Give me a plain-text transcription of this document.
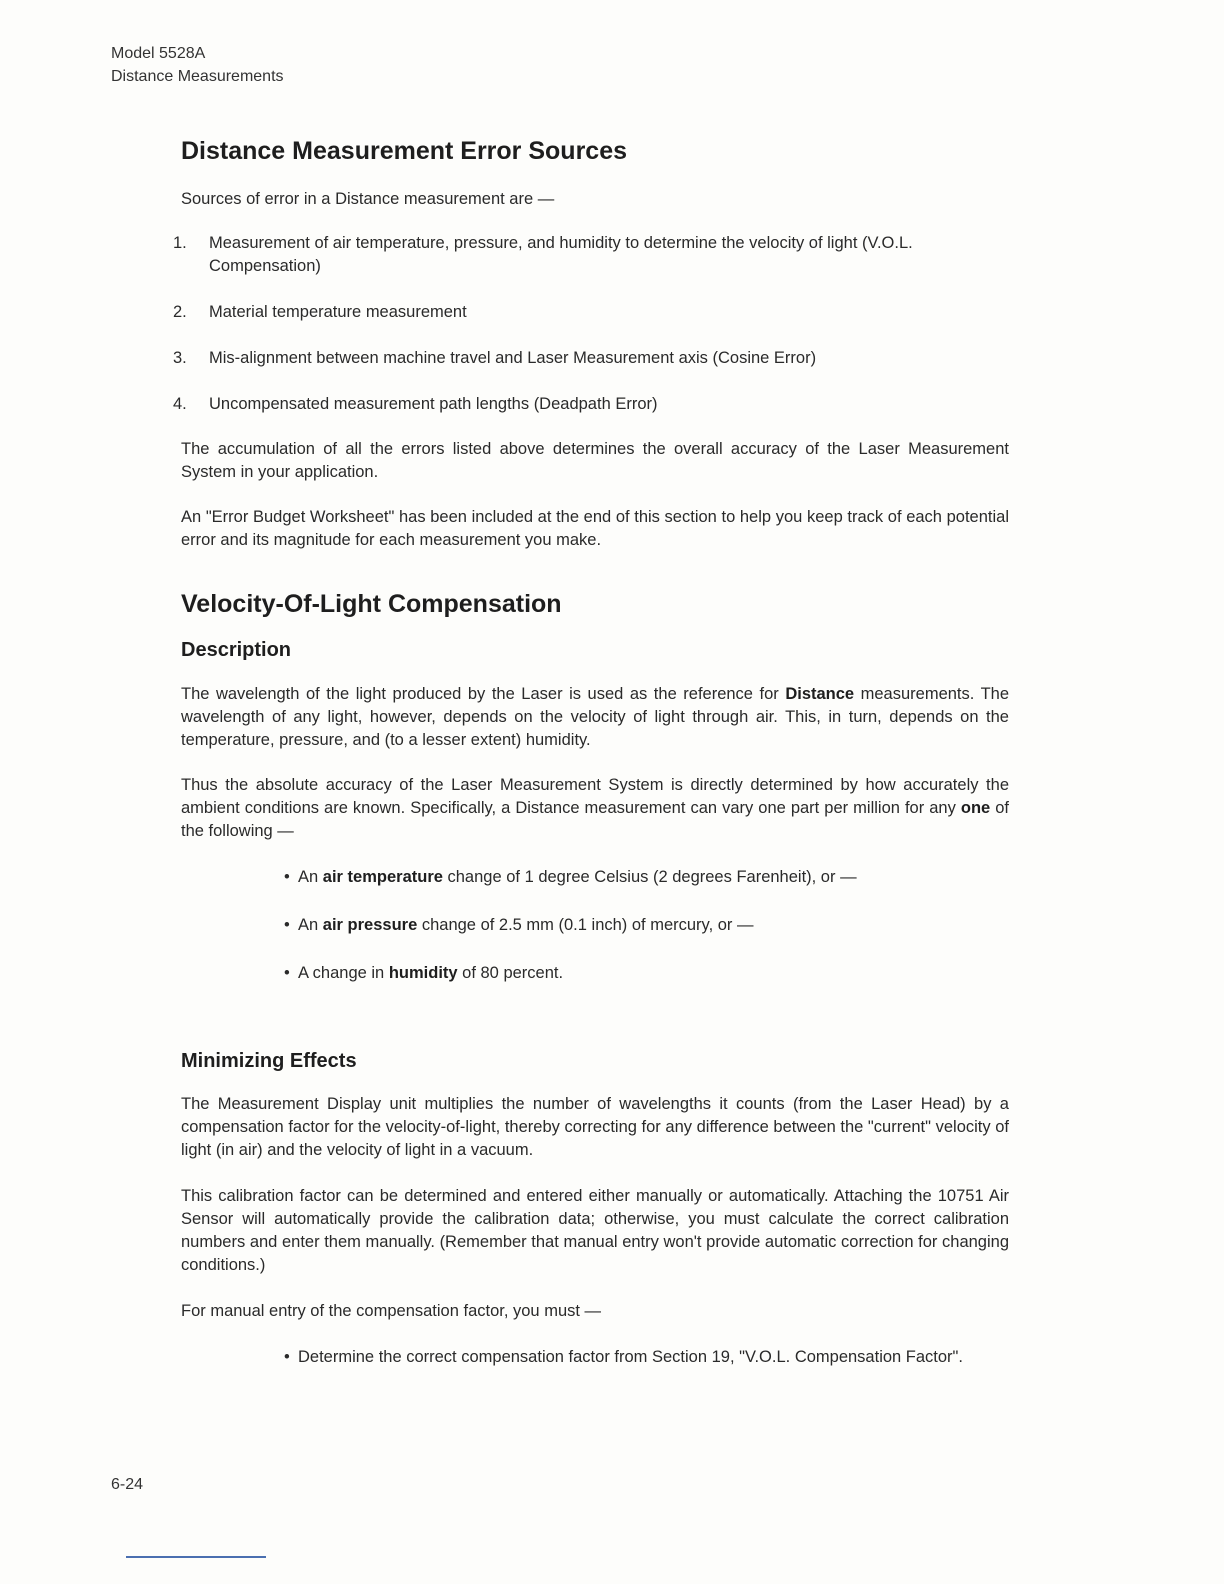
Model 5528A
Distance Measurements
Distance Measurement Error Sources

Sources of error in a Distance measurement are —

1. Measurement of air temperature, pressure, and humidity to determine the velocity of light (V.O.L. Compensation)
2. Material temperature measurement
3. Mis-alignment between machine travel and Laser Measurement axis (Cosine Error)
4. Uncompensated measurement path lengths (Deadpath Error)

The accumulation of all the errors listed above determines the overall accuracy of the Laser Measurement System in your application.

An "Error Budget Worksheet" has been included at the end of this section to help you keep track of each potential error and its magnitude for each measurement you make.

Velocity-Of-Light Compensation
Description

The wavelength of the light produced by the Laser is used as the reference for Distance measurements. The wavelength of any light, however, depends on the velocity of light through air. This, in turn, depends on the temperature, pressure, and (to a lesser extent) humidity.

Thus the absolute accuracy of the Laser Measurement System is directly determined by how accurately the ambient conditions are known. Specifically, a Distance measurement can vary one part per million for any one of the following —

• An air temperature change of 1 degree Celsius (2 degrees Farenheit), or —
• An air pressure change of 2.5 mm (0.1 inch) of mercury, or —
• A change in humidity of 80 percent.
Minimizing Effects

The Measurement Display unit multiplies the number of wavelengths it counts (from the Laser Head) by a compensation factor for the velocity-of-light, thereby correcting for any difference between the "current" velocity of light (in air) and the velocity of light in a vacuum.

This calibration factor can be determined and entered either manually or automatically. Attaching the 10751 Air Sensor will automatically provide the calibration data; otherwise, you must calculate the correct calibration numbers and enter them manually. (Remember that manual entry won't provide automatic correction for changing conditions.)

For manual entry of the compensation factor, you must —

• Determine the correct compensation factor from Section 19, "V.O.L. Compensation Factor".
6-24
